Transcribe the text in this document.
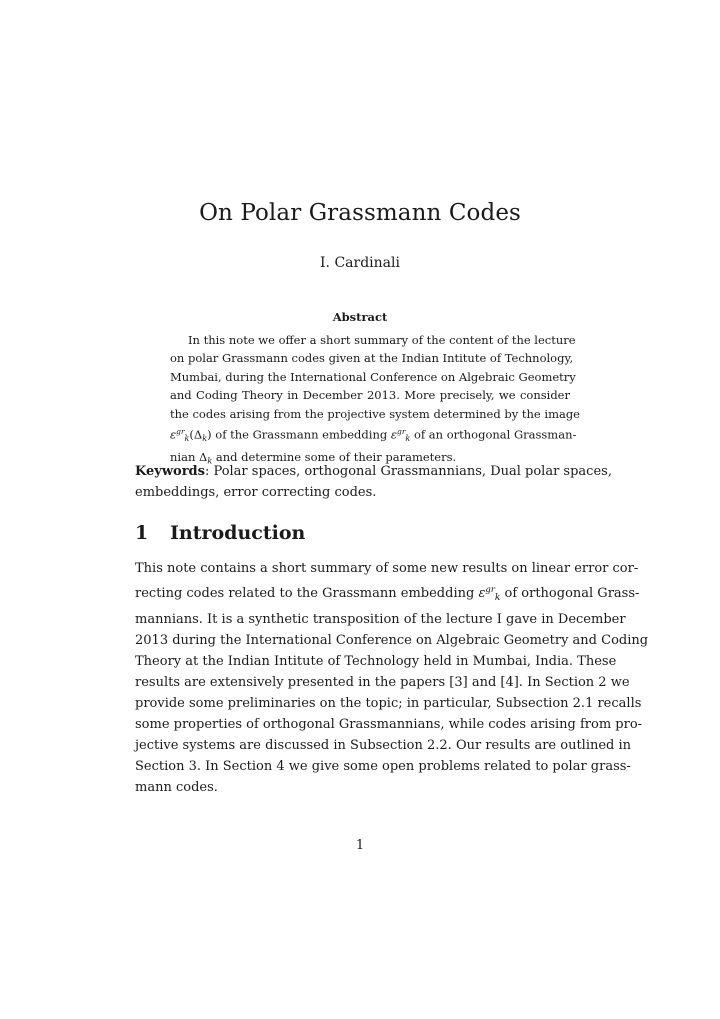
On Polar Grassmann Codes
I. Cardinali
Abstract
In this note we offer a short summary of the content of the lecture
on polar Grassmann codes given at the Indian Intitute of Technology,
Mumbai, during the International Conference on Algebraic Geometry
and Coding Theory in December 2013. More precisely, we consider
the codes arising from the projective system determined by the image
$\varepsilon^{gr}_k(\Delta_k)$ of the Grassmann embedding $\varepsilon^{gr}_k$ of an orthogonal Grassman-
nian $\Delta_k$ and determine some of their parameters.
Keywords: Polar spaces, orthogonal Grassmannians, Dual polar spaces,
embeddings, error correcting codes.
1 Introduction
This note contains a short summary of some new results on linear error cor-
recting codes related to the Grassmann embedding $\varepsilon^{gr}_k$ of orthogonal Grass-
mannians. It is a synthetic transposition of the lecture I gave in December
2013 during the International Conference on Algebraic Geometry and Coding
Theory at the Indian Intitute of Technology held in Mumbai, India. These
results are extensively presented in the papers [3] and [4]. In Section 2 we
provide some preliminaries on the topic; in particular, Subsection 2.1 recalls
some properties of orthogonal Grassmannians, while codes arising from pro-
jective systems are discussed in Subsection 2.2. Our results are outlined in
Section 3. In Section 4 we give some open problems related to polar grass-
mann codes.
1
